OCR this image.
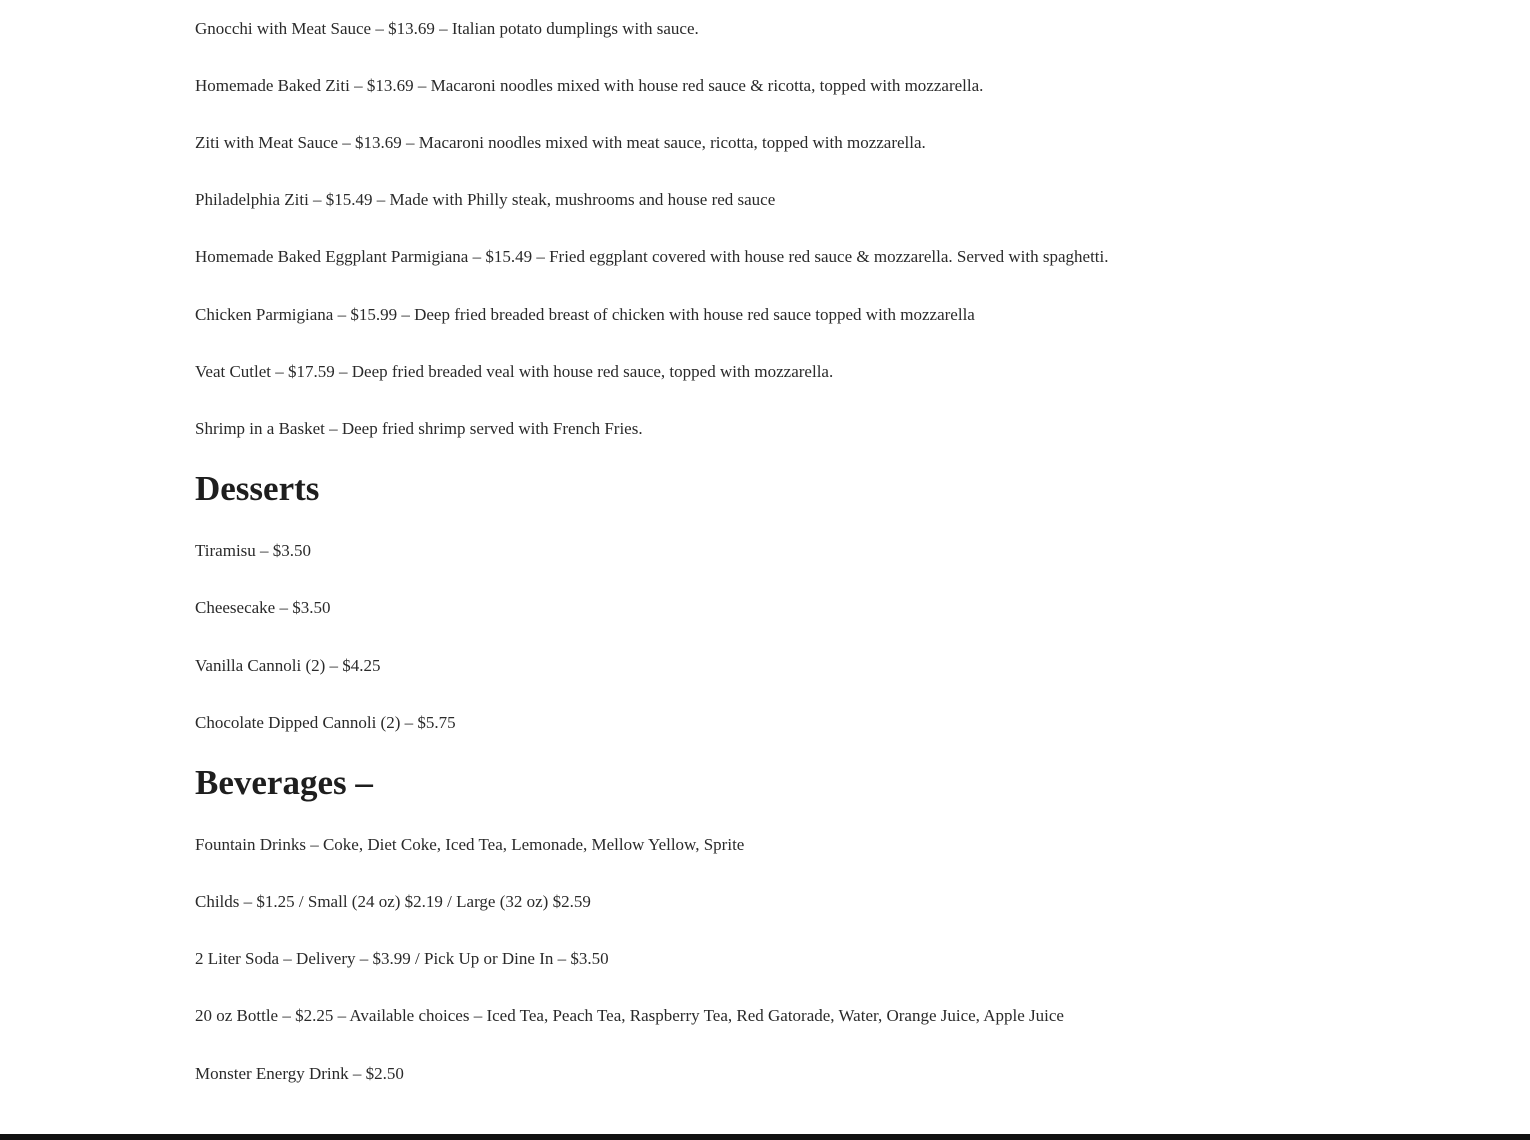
Gnocchi with Meat Sauce – $13.69 – Italian potato dumplings with sauce.

Homemade Baked Ziti – $13.69 – Macaroni noodles mixed with house red sauce & ricotta, topped with mozzarella.

Ziti with Meat Sauce – $13.69 – Macaroni noodles mixed with meat sauce, ricotta, topped with mozzarella.

Philadelphia Ziti – $15.49 – Made with Philly steak, mushrooms and house red sauce

Homemade Baked Eggplant Parmigiana – $15.49 – Fried eggplant covered with house red sauce & mozzarella. Served with spaghetti.

Chicken Parmigiana – $15.99 – Deep fried breaded breast of chicken with house red sauce topped with mozzarella

Veat Cutlet – $17.59 – Deep fried breaded veal with house red sauce, topped with mozzarella.

Shrimp in a Basket – Deep fried shrimp served with French Fries.

Desserts

Tiramisu – $3.50

Cheesecake – $3.50

Vanilla Cannoli (2) – $4.25

Chocolate Dipped Cannoli (2) – $5.75

Beverages –

Fountain Drinks – Coke, Diet Coke, Iced Tea, Lemonade, Mellow Yellow, Sprite

Childs – $1.25 / Small (24 oz) $2.19 / Large (32 oz) $2.59

2 Liter Soda – Delivery – $3.99 / Pick Up or Dine In – $3.50

20 oz Bottle – $2.25 – Available choices – Iced Tea, Peach Tea, Raspberry Tea, Red Gatorade, Water, Orange Juice, Apple Juice

Monster Energy Drink – $2.50
